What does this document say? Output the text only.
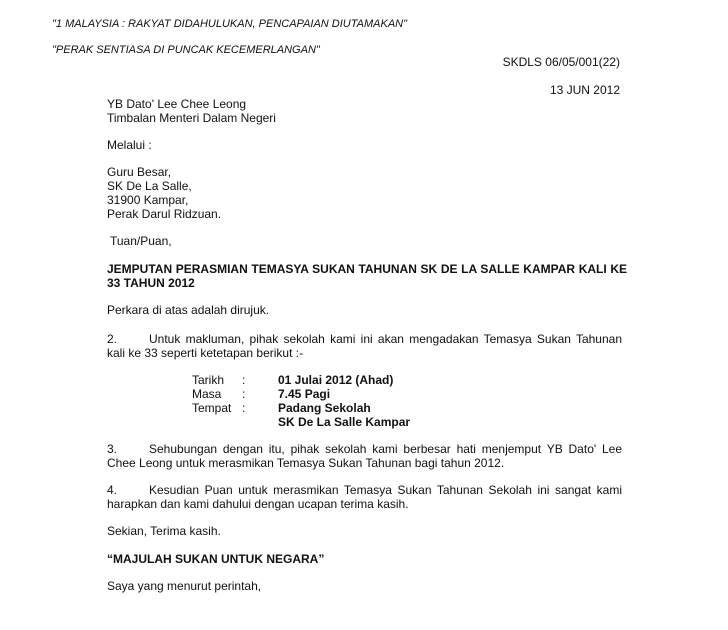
"1 MALAYSIA : RAKYAT DIDAHULUKAN, PENCAPAIAN DIUTAMAKAN"

"PERAK SENTIASA DI PUNCAK KECEMERLANGAN"

SKDLS 06/05/001(22)

13 JUN 2012

YB Dato' Lee Chee Leong
Timbalan Menteri Dalam Negeri

Melalui :

Guru Besar,
SK De La Salle,
31900 Kampar,
Perak Darul Ridzuan.

Tuan/Puan,

JEMPUTAN PERASMIAN TEMASYA SUKAN TAHUNAN SK DE LA SALLE KAMPAR KALI KE 33 TAHUN 2012

Perkara di atas adalah dirujuk.

2.	Untuk makluman, pihak sekolah kami ini akan mengadakan Temasya Sukan Tahunan kali ke 33 seperti ketetapan berikut :-
Tarikh :	01 Julai 2012 (Ahad)
Masa :	7.45 Pagi
Tempat :	Padang Sekolah
SK De La Salle Kampar
3.	Sehubungan dengan itu, pihak sekolah kami berbesar hati menjemput YB Dato' Lee Chee Leong untuk merasmikan Temasya Sukan Tahunan bagi tahun 2012.
4.	Kesudian Puan untuk merasmikan Temasya Sukan Tahunan Sekolah ini sangat kami harapkan dan kami dahului dengan ucapan terima kasih.

Sekian, Terima kasih.

“MAJULAH SUKAN UNTUK NEGARA”

Saya yang menurut perintah,
